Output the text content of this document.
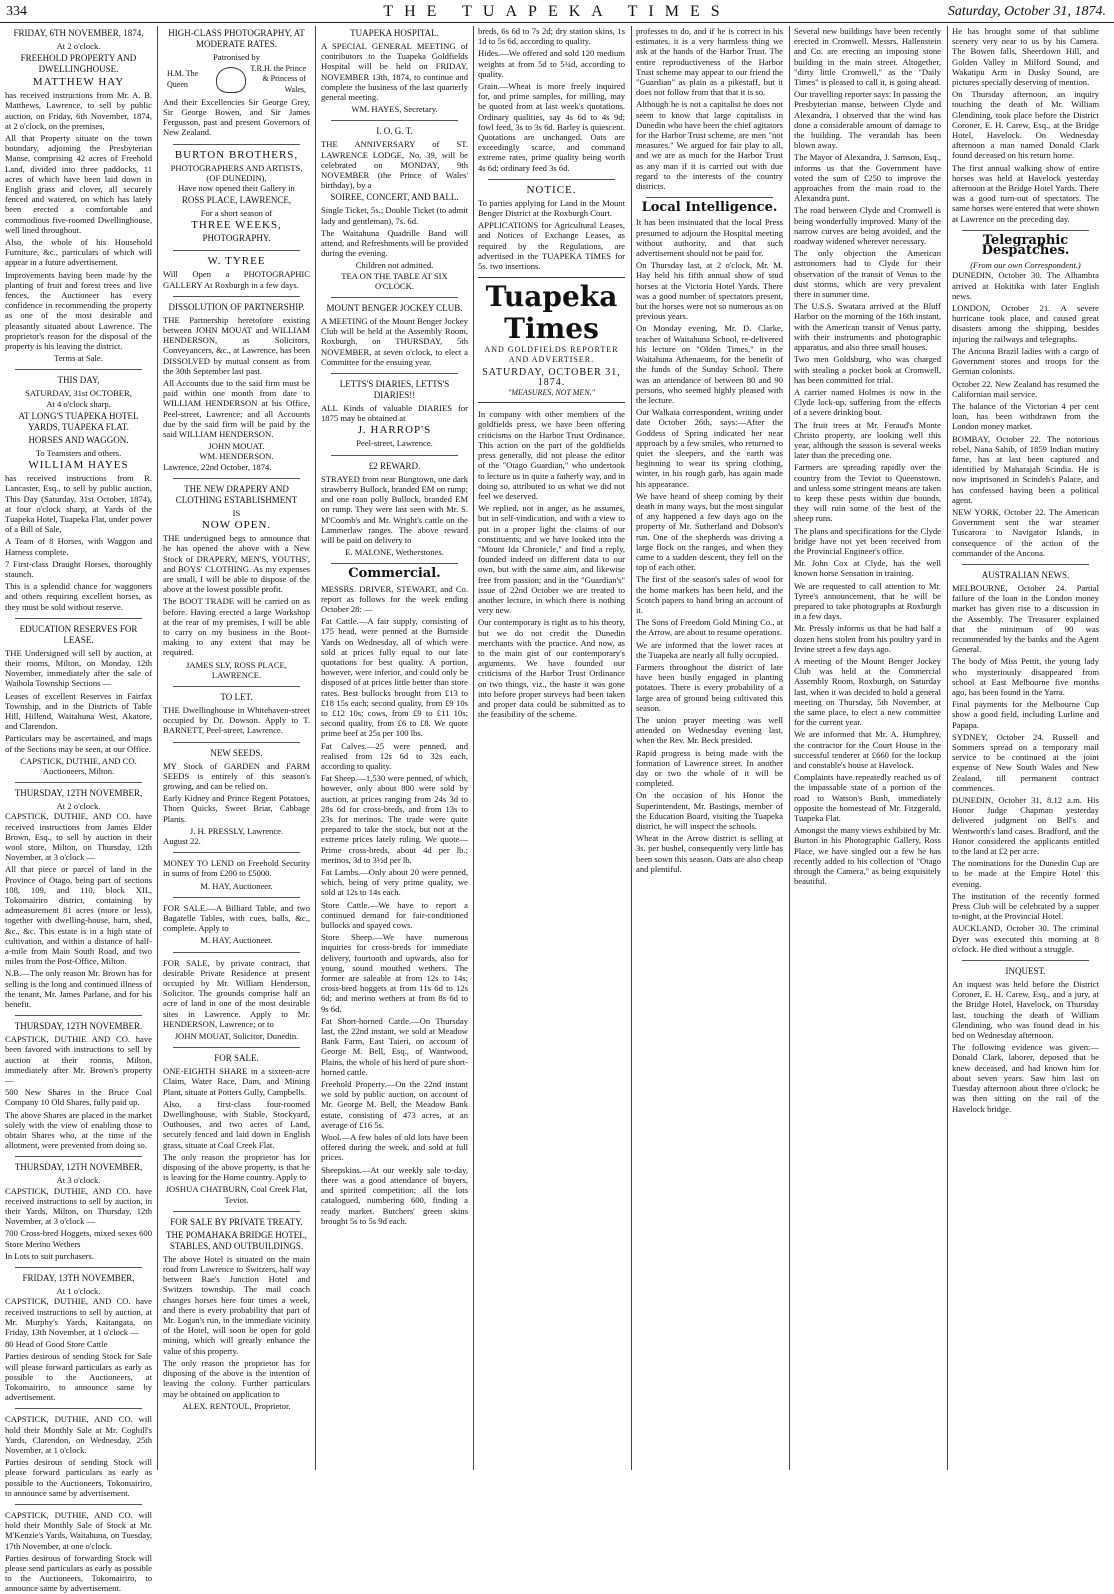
334	THE TUAPEKA TIMES	Saturday, October 31, 1874.
FRIDAY, 6TH NOVEMBER, 1874,
At 2 o'clock.
FREEHOLD PROPERTY AND DWELLINGHOUSE.
MATTHEW HAY

has received instructions from Mr. A. B. Matthews, Lawrence, to sell by public auction, on Friday, 6th November, 1874, at 2 o'clock, on the premises,

All that Property situate on the town boundary, adjoining the Presbyterian Manse, comprising 42 acres of Freehold Land, divided into three paddocks, 11 acres of which have been laid down in English grass and clover, all securely fenced and watered, on which has lately been erected a comfortable and commodious five-roomed Dwellinghouse, well lined throughout.

Also, the whole of his Household Furniture, &c., particulars of which will appear in a future advertisement.

Improvements having been made by the planting of fruit and forest trees and live fences, the Auctioneer has every confidence in recommending the property as one of the most desirable and pleasantly situated about Lawrence. The proprietor's reason for the disposal of the property is his leaving the district.

Terms at Sale.
THIS DAY,
SATURDAY, 31st OCTOBER,
At 4 o'clock sharp.
AT LONG'S TUAPEKA HOTEL YARDS, TUAPEKA FLAT.
HORSES AND WAGGON.
To Teamsters and others.
WILLIAM HAYES

has received instructions from R. Lancaster, Esq., to sell by public auction, This Day (Saturday, 31st October, 1874), at four o'clock sharp, at Yards of the Tuapeka Hotel, Tuapeka Flat, under power of a Bill of Sale,

A Team of 8 Horses, with Waggon and Harness complete.

7 First-class Draught Horses, thoroughly staunch.

This is a splendid chance for waggoners and others requiring excellent horses, as they must be sold without reserve.

EDUCATION RESERVES FOR LEASE.

THE Undersigned will sell by auction, at their rooms, Milton, on Monday, 12th November, immediately after the sale of Waihola Township Sections —

Leases of excellent Reserves in Fairfax Township, and in the Districts of Table Hill, Hillend, Waitahuna West, Akatore, and Clarendon.

Particulars may be ascertained, and maps of the Sections may be seen, at our Office.

CAPSTICK, DUTHIE, AND CO. Auctioneers, Milton.
THURSDAY, 12TH NOVEMBER,
At 2 o'clock.

CAPSTICK, DUTHIE, AND CO. have received instructions from James Elder Brown, Esq., to sell by auction in their wool store, Milton, on Thursday, 12th November, at 3 o'clock —

All that piece or parcel of land in the Province of Otago, being part of sections 108, 109, and 110, block XII., Tokomairiro district, containing by admeasurement 81 acres (more or less), together with dwelling-house, barn, shed, &c., &c. This estate is in a high state of cultivation, and within a distance of half-a-mile from Main South Road, and two miles from the Post-Office, Milton.

N.B.—The only reason Mr. Brown has for selling is the long and continued illness of the tenant, Mr. James Parlane, and for his benefit.

THURSDAY, 12TH NOVEMBER.

CAPSTICK, DUTHIE AND CO. have been favored with instructions to sell by auction at their rooms, Milton, immediately after Mr. Brown's property —

500 New Shares in the Bruce Coal Company 10 Old Shares, fully paid up.

The above Shares are placed in the market solely with the view of enabling those to obtain Shares who, at the time of the allotment, were prevented from doing so.

THURSDAY, 12TH NOVEMBER,
At 3 o'clock.

CAPSTICK, DUTHIE, AND CO. have received instructions to sell by auction, in their Yards, Milton, on Thursday, 12th November, at 3 o'clock —

700 Cross-bred Hoggets, mixed sexes 600 Store Merino Wethers

In Lots to suit purchasers.

FRIDAY, 13TH NOVEMBER,
At 1 o'clock.

CAPSTICK, DUTHIE, AND CO. have received instructions to sell by auction, at Mr. Murphy's Yards, Kaitangata, on Friday, 13th November, at 1 o'clock —

80 Head of Good Store Cattle

Parties desirous of sending Stock for Sale will please forward particulars as early as possible to the Auctioneers, at Tokomairiro, to announce same by advertisement.

CAPSTICK, DUTHIE, AND CO. will hold their Monthly Sale at Mr. Coghill's Yards, Clarendon, on Wednesday, 25th November, at 1 o'clock.

Parties desirous of sending Stock will please forward particulars as early as possible to the Auctioneers, Tokomairiro, to announce same by advertisement.

CAPSTICK, DUTHIE, AND CO. will hold their Monthly Sale of Stock at Mr. M'Kenzie's Yards, Waitahuna, on Tuesday, 17th November, at one o'clock.

Parties desirous of forwarding Stock will please send particulars as early as possible to the Auctioneers, Tokomairiro, to announce same by advertisement.

HIGH-CLASS PHOTOGRAPHY, AT MODERATE RATES.
Patronised by
H.M. The Queen
T.R.H. the Prince & Princess of Wales,

And their Excellencies Sir George Grey, Sir George Bowen, and Sir James Fergusson, past and present Governors of New Zealand.

BURTON BROTHERS,
PHOTOGRAPHERS AND ARTISTS,
(OF DUNEDIN),
Have now opened their Gallery in
ROSS PLACE, LAWRENCE,
For a short season of
THREE WEEKS,
PHOTOGRAPHY.
W. TYREE

Will Open a PHOTOGRAPHIC GALLERY At Roxburgh in a few days.

DISSOLUTION OF PARTNERSHIP.

THE Partnership heretofore existing between JOHN MOUAT and WILLIAM HENDERSON, as Solicitors, Conveyancers, &c., at Lawrence, has been DISSOLVED by mutual consent as from the 30th September last past.

All Accounts due to the said firm must be paid within one month from date to WILLIAM HENDERSON at his Office, Peel-street, Lawrence; and all Accounts due by the said firm will be paid by the said WILLIAM HENDERSON.

JOHN MOUAT.
WM. HENDERSON.
Lawrence, 22nd October, 1874.
THE NEW DRAPERY AND CLOTHING ESTABLISHMENT
IS
NOW OPEN.

THE undersigned begs to announce that he has opened the above with a New Stock of DRAPERY, MEN'S, YOUTHS', and BOYS' CLOTHING. As my expenses are small, I will be able to dispose of the above at the lowest possible profit.

The BOOT TRADE will be carried on as before. Having erected a large Workshop at the rear of my premises, I will be able to carry on my business in the Boot-making to any extent that may be required.

JAMES SLY, ROSS PLACE, LAWRENCE.
TO LET.

THE Dwellinghouse in Whitehaven-street occupied by Dr. Dowson. Apply to T. BARNETT, Peel-street, Lawrence.

NEW SEEDS.

MY Stock of GARDEN and FARM SEEDS is entirely of this season's growing, and can be relied on.

Early Kidney and Prince Regent Potatoes, Thorn Quicks, Sweet Briar, Cabbage Plants.

J. H. PRESSLY, Lawrence.
August 22.

MONEY TO LEND on Freehold Security in sums of from £200 to £5000.

M. HAY, Auctioneer.

FOR SALE.—A Billiard Table, and two Bagatelle Tables, with cues, balls, &c., complete. Apply to

M. HAY, Auctioneer.

FOR SALE, by private contract, that desirable Private Residence at present occupied by Mr. William Henderson, Solicitor. The grounds comprise half an acre of land in one of the most desirable sites in Lawrence. Apply to Mr. HENDERSON, Lawrence; or to

JOHN MOUAT, Solicitor, Dunedin.
FOR SALE.

ONE-EIGHTH SHARE in a sixteen-acre Claim, Water Race, Dam, and Mining Plant, situate at Potters Gully, Campbells.

Also, a first-class four-roomed Dwellinghouse, with Stable, Stockyard, Outhouses, and two acres of Land, securely fenced and laid down in English grass, situate at Coal Creek Flat.

The only reason the proprietor has for disposing of the above property, is that he is leaving for the Home country. Apply to

JOSHUA CHATBURN, Coal Creek Flat, Teviot.
FOR SALE BY PRIVATE TREATY.
THE POMAHAKA BRIDGE HOTEL, STABLES, AND OUTBUILDINGS.

The above Hotel is situated on the main road from Lawrence to Switzers, half way between Rae's Junction Hotel and Switzers township. The mail coach changes horses here four times a week, and there is every probability that part of Mr. Logan's run, in the immediate vicinity of the Hotel, will soon be open for gold mining, which will greatly enhance the value of this property.

The only reason the proprietor has for disposing of the above is the intention of leaving the colony. Further particulars may be obtained on application to

ALEX. RENTOUL, Proprietor.
TUAPEKA HOSPITAL.

A SPECIAL GENERAL MEETING of contributors to the Tuapeka Goldfields Hospital will be held on FRIDAY, NOVEMBER 13th, 1874, to continue and complete the business of the last quarterly general meeting.

WM. HAYES, Secretary.
I. O. G. T.

THE ANNIVERSARY of ST. LAWRENCE LODGE, No. 39, will be celebrated on MONDAY, 9th NOVEMBER (the Prince of Wales' birthday), by a

SOIREE, CONCERT, AND BALL.

Single Ticket, 5s.; Double Ticket (to admit lady and gentleman), 7s. 6d.

The Waitahuna Quadrille Band will attend, and Refreshments will be provided during the evening.

Children not admitted.
TEA ON THE TABLE AT SIX O'CLOCK.
MOUNT BENGER JOCKEY CLUB.

A MEETING of the Mount Benger Jockey Club will be held at the Assembly Room, Roxburgh, on THURSDAY, 5th NOVEMBER, at seven o'clock, to elect a Committee for the ensuing year.

LETTS'S DIARIES, LETTS'S DIARIES!!

ALL Kinds of valuable DIARIES for 1875 may be obtained at

J. HARROP'S
Peel-street, Lawrence.
£2 REWARD.

STRAYED from near Bungtown, one dark strawberry Bullock, branded EM on rump; and one roan polly Bullock, branded EM on rump. They were last seen with Mr. S. M'Coomb's and Mr. Wright's cattle on the Lammerlaw ranges. The above reward will be paid on delivery to

E. MALONE, Wetherstones.
Commercial.

MESSRS. DRIVER, STEWART, and Co. report as follows for the week ending October 28: —

Fat Cattle.—A fair supply, consisting of 175 head, were penned at the Burnside Yards on Wednesday, all of which were sold at prices fully equal to our late quotations for best quality. A portion, however, were inferior, and could only be disposed of at prices little better than store rates. Best bullocks brought from £13 to £18 15s each; second quality, from £9 10s to £12 10s; cows, from £9 to £11 10s; second quality, from £6 to £8. We quote prime beef at 25s per 100 lbs.

Fat Calves.—25 were penned, and realised from 12s 6d to 32s each, according to quality.

Fat Sheep.—1,530 were penned, of which, however, only about 800 were sold by auction, at prices ranging from 24s 3d to 28s 6d for cross-breds, and from 13s to 23s for merinos. The trade were quite prepared to take the stock, but not at the extreme prices lately ruling. We quote—Prime cross-breds, about 4d per lb.; merinos, 3d to 3½d per lb.

Fat Lambs.—Only about 20 were penned, which, being of very prime quality, we sold at 12s to 14s each.

Store Cattle.—We have to report a continued demand for fair-conditioned bullocks and spayed cows.

Store Sheep.—We have numerous inquiries for cross-breds for immediate delivery, fourtooth and upwards, also for young, sound mouthed wethers. The former are saleable at from 12s to 14s; cross-bred hoggets at from 11s 6d to 12s 6d; and merino wethers at from 8s 6d to 9s 6d.

Fat Short-horned Cattle.—On Thursday last, the 22nd instant, we sold at Meadow Bank Farm, East Taieri, on account of George M. Bell, Esq., of Wantwood, Plains, the whole of his herd of pure short-horned cattle.

Freehold Property.—On the 22nd instant we sold by public auction, on account of Mr. George M. Bell, the Meadow Bank estate, consisting of 473 acres, at an average of £16 5s.

Wool.—A few bales of old lots have been offered during the week, and sold at full prices.

Sheepskins.—At our weekly sale to-day, there was a good attendance of buyers, and spirited competition; all the lots catalogued, numbering 600, finding a ready market. Butchers' green skins brought 5s to 5s 9d each.

breds, 6s 6d to 7s 2d; dry station skins, 1s 1d to 5s 6d, according to quality.

Hides.—We offered and sold 120 medium weights at from 5d to 5¾d, according to quality.

Grain.—Wheat is more freely inquired for, and prime samples, for milling, may be quoted from at last week's quotations. Ordinary qualities, say 4s 6d to 4s 9d; fowl feed, 3s to 3s 6d. Barley is quiescent. Quotations are unchanged. Oats are exceedingly scarce, and command extreme rates, prime quality being worth 4s 6d; ordinary feed 3s 6d.

NOTICE.

To parties applying for Land in the Mount Benger District at the Roxburgh Court.

APPLICATIONS for Agricultural Leases, and Notices of Exchange Leases, as required by the Regulations, are advertised in the TUAPEKA TIMES for 5s. two insertions.

Tuapeka Times
AND GOLDFIELDS REPORTER AND ADVERTISER.
SATURDAY, OCTOBER 31, 1874.
"MEASURES, NOT MEN."

In company with other members of the goldfields press, we have been offering criticisms on the Harbor Trust Ordinance. This action on the part of the goldfields press generally, did not please the editor of the "Otago Guardian," who undertook to lecture us in quite a fatherly way, and in doing so, attributed to us what we did not feel we deserved.

We replied, not in anger, as he assumes, but in self-vindication, and with a view to put in a proper light the claims of our constituents; and we have looked into the "Mount Ida Chronicle," and find a reply, founded indeed on different data to our own, but with the same aim, and likewise free from passion; and in the "Guardian's" issue of 22nd October we are treated to another lecture, in which there is nothing very new.

Our contemporary is right as to his theory, but we do not credit the Dunedin merchants with the practice. And now, as to the main gist of our contemporary's arguments. We have founded our criticisms of the Harbor Trust Ordinance on two things, viz., the haste it was gone into before proper surveys had been taken and proper data could be submitted as to the feasibility of the scheme.

professes to do, and if he is correct in his estimates, it is a very harmless thing we ask at the hands of the Harbor Trust. The entire reproductiveness of the Harbor Trust scheme may appear to our friend the "Guardian" as plain as a pikestaff, but it does not follow from that that it is so.

Although he is not a capitalist he does not seem to know that large capitalists in Dunedin who have been the chief agitators for the Harbor Trust scheme, are men "not measures." We argued for fair play to all, and we are as much for the Harbor Trust as any man if it is carried out with due regard to the interests of the country districts.

Local Intelligence.

It has been insinuated that the local Press presumed to adjourn the Hospital meeting without authority, and that such advertisement should not be paid for.

On Thursday last, at 2 o'clock, Mr. M. Hay held his fifth annual show of stud horses at the Victoria Hotel Yards. There was a good number of spectators present, but the horses were not so numerous as on previous years.

On Monday evening, Mr. D. Clarke, teacher of Waitahuna School, re-delivered his lecture on "Olden Times," in the Waitahuna Athenaeum, for the benefit of the funds of the Sunday School. There was an attendance of between 80 and 90 persons, who seemed highly pleased with the lecture.

Our Walkaia correspondent, writing under date October 26th, says:—After the Goddess of Spring indicated her near approach by a few smiles, who returned to quiet the sleepers, and the earth was beginning to wear its spring clothing, winter, in his rough garb, has again made his appearance.

We have heard of sheep coming by their death in many ways, but the most singular of any happened a few days ago on the property of Mr. Sutherland and Dobson's run. One of the shepherds was driving a large flock on the ranges, and when they came to a sudden descent, they fell on the top of each other.

The first of the season's sales of wool for the home markets has been held, and the Scotch papers to hand bring an account of it.

The Sons of Freedom Gold Mining Co., at the Arrow, are about to resume operations.

We are informed that the lower races at the Tuapeka are nearly all fully occupied.

Farmers throughout the district of late have been busily engaged in planting potatoes. There is every probability of a large area of ground being cultivated this season.

The union prayer meeting was well attended on Wednesday evening last, when the Rev. Mr. Beck presided.

Rapid progress is being made with the formation of Lawrence street. In another day or two the whole of it will be completed.

On the occasion of his Honor the Superintendent, Mr. Bastings, member of the Education Board, visiting the Tuapeka district, he will inspect the schools.

Wheat in the Arrow district is selling at 3s. per bushel, consequently very little has been sown this season. Oats are also cheap and plentiful.

Several new buildings have been recently erected in Cromwell. Messrs. Hallenstein and Co. are erecting an imposing stone building in the main street. Altogether, "dirty little Cromwell," as the "Daily Times" is pleased to call it, is going ahead.

Our travelling reporter says: In passing the Presbyterian manse, between Clyde and Alexandra, I observed that the wind has done a considerable amount of damage to the building. The verandah has been blown away.

The Mayor of Alexandra, J. Samson, Esq., informs us that the Government have voted the sum of £250 to improve the approaches from the main road to the Alexandra punt.

The road between Clyde and Cromwell is being wonderfully improved. Many of the narrow curves are being avoided, and the roadway widened wherever necessary.

The only objection the American astronomers had to Clyde for their observation of the transit of Venus to the dust storms, which are very prevalent there in summer time.

The U.S.S. Swatara arrived at the Bluff Harbor on the morning of the 16th instant, with the American transit of Venus party, with their instruments and photographic apparatus, and also three small houses.

Two men Goldsburg, who was charged with stealing a pocket book at Cromwell, has been committed for trial.

A carrier named Holmes is now in the Clyde lock-up, suffering from the effects of a severe drinking bout.

The fruit trees at Mr. Feraud's Monte Christo property, are looking well this year, although the season is several weeks later than the preceding one.

Farmers are spreading rapidly over the country from the Teviot to Queenstown, and unless some stringent means are taken to keep these pests within due bounds, they will ruin some of the best of the sheep runs.

The plans and specifications for the Clyde bridge have not yet been received from the Provincial Engineer's office.

Mr. John Cox at Clyde, has the well known horse Sensation in training.

We are requested to call attention to Mr. Tyree's announcement, that he will be prepared to take photographs at Roxburgh in a few days.

Mr. Pressly informs us that he had half a dozen hens stolen from his poultry yard in Irvine street a few days ago.

A meeting of the Mount Benger Jockey Club was held at the Commercial Assembly Room, Roxburgh, on Saturday last, when it was decided to hold a general meeting on Thursday, 5th November, at the same place, to elect a new committee for the current year.

We are informed that Mr. A. Humphrey, the contractor for the Court House in the successful tenderer at £660 for the lockup and constable's house at Havelock.

Complaints have repeatedly reached us of the impassable state of a portion of the road to Watson's Bush, immediately opposite the homestead of Mr. Fitzgerald, Tuapeka Flat.

Amongst the many views exhibited by Mr. Burton in his Photographic Gallery, Ross Place, we have singled out a few he has recently added to his collection of "Otago through the Camera," as being exquisitely beautiful.

He has brought some of that sublime scenery very near to us by his Camera. The Bowen falls, Sheerdown Hill, and Golden Valley in Milford Sound, and Wakatipu Arm in Dusky Sound, are pictures specially deserving of mention.

On Thursday afternoon, an inquiry touching the death of Mr. William Glendining, took place before the District Coroner, E. H. Carew, Esq., at the Bridge Hotel, Havelock. On Wednesday afternoon a man named Donald Clark found deceased on his return home.

The first annual walking show of entire horses was held at Havelock yesterday afternoon at the Bridge Hotel Yards. There was a good turn-out of spectators. The same horses were entered that were shown at Lawrence on the preceding day.

Telegraphic Despatches.
(From our own Correspondent.)

DUNEDIN, October 30. The Alhambra arrived at Hokitika with later English news.

LONDON, October 21. A severe hurricane took place, and caused great disasters among the shipping, besides injuring the railways and telegraphs.

The Ancona Brazil ladies with a cargo of Government stores and troops for the German colonists.

October 22. New Zealand has resumed the Californian mail service.

The balance of the Victorian 4 per cent loan, has been withdrawn from the London money market.

BOMBAY, October 22. The notorious rebel, Nana Sahib, of 1859 Indian mutiny fame, has at last been captured and identified by Maharajah Scindia. He is now imprisoned in Scindeh's Palace, and has confessed having been a political agent.

NEW YORK, October 22. The American Government sent the war steamer Tuscarora to Navigator Islands, in consequence of the action of the commander of the Ancona.

AUSTRALIAN NEWS.

MELBOURNE, October 24. Partial failure of the loan in the London money market has given rise to a discussion in the Assembly. The Treasurer explained that the minimum of 90 was recommended by the banks and the Agent General.

The body of Miss Pettit, the young lady who mysteriously disappeared from school at East Melbourne five months ago, has been found in the Yarra.

Final payments for the Melbourne Cup show a good field, including Lurline and Papapa.

SYDNEY, October 24. Russell and Sommers spread on a temporary mail service to be continued at the joint expense of New South Wales and New Zealand, till permanent contract commences.

DUNEDIN, October 31, 8.12 a.m. His Honor Judge Chapman yesterday delivered judgment on Bell's and Wentworth's land cases. Bradford, and the Honor considered the applicants entitled to the land at £2 per acre.

The nominations for the Dunedin Cup are to be made at the Empire Hotel this evening.

The institution of the recently formed Press Club will be celebrated by a supper to-night, at the Provincial Hotel.

AUCKLAND, October 30. The criminal Dyer was executed this morning at 8 o'clock. He died without a struggle.

INQUEST.

An inquest was held before the District Coroner, E. H. Carew, Esq., and a jury, at the Bridge Hotel, Havelock, on Thursday last, touching the death of William Glendining, who was found dead in his bed on Wednesday afternoon.

The following evidence was given:— Donald Clark, laborer, deposed that he knew deceased, and had known him for about seven years. Saw him last on Tuesday afternoon about three o'clock; he was then sitting on the rail of the Havelock bridge.
